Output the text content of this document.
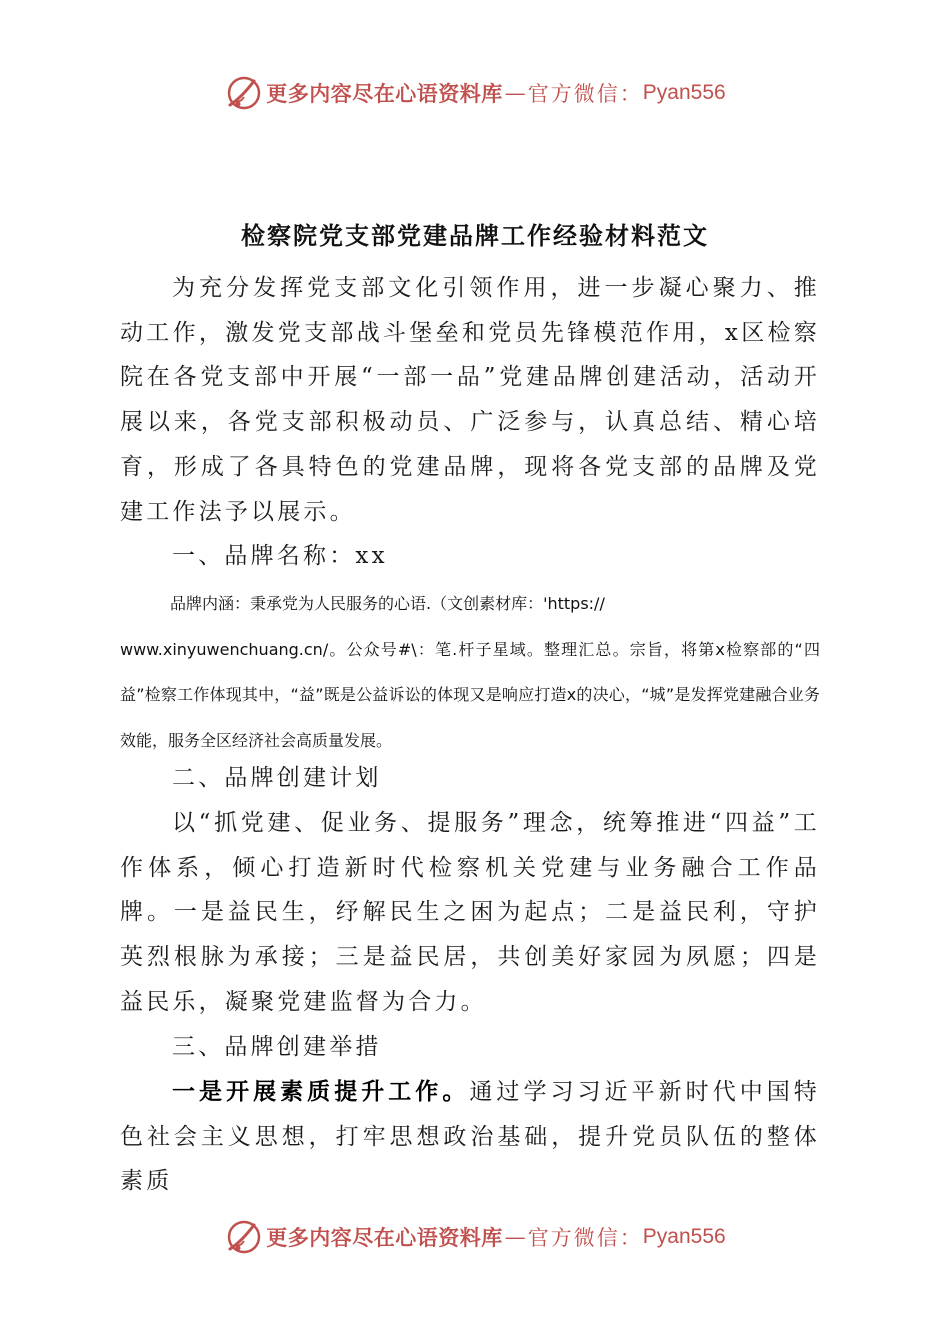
更多内容尽在心语资料库 — 官方微信： Pyan556
检察院党支部党建品牌工作经验材料范文

为充分发挥党支部文化引领作用，进一步凝心聚力、推动工作，激发党支部战斗堡垒和党员先锋模范作用，x区检察院在各党支部中开展“一部一品”党建品牌创建活动，活动开展以来，各党支部积极动员、广泛参与，认真总结、精心培育，形成了各具特色的党建品牌，现将各党支部的品牌及党建工作法予以展示。

一、品牌名称：xx

品牌内涵：秉承党为人民服务的心语.（文创素材库：'https://
www.xinyuwenchuang.cn/。公众号#\：笔.杆子星域。整理汇总。宗旨，将第x检察部的“四益”检察工作体现其中，“益”既是公益诉讼的体现又是响应打造x的决心，“城”是发挥党建融合业务效能，服务全区经济社会高质量发展。

二、品牌创建计划

以“抓党建、促业务、提服务”理念，统筹推进“四益”工作体系，倾心打造新时代检察机关党建与业务融合工作品牌。一是益民生，纾解民生之困为起点；二是益民利，守护英烈根脉为承接；三是益民居，共创美好家园为夙愿；四是益民乐，凝聚党建监督为合力。

三、品牌创建举措

一是开展素质提升工作。通过学习习近平新时代中国特色社会主义思想，打牢思想政治基础，提升党员队伍的整体素质

更多内容尽在心语资料库 — 官方微信： Pyan556
